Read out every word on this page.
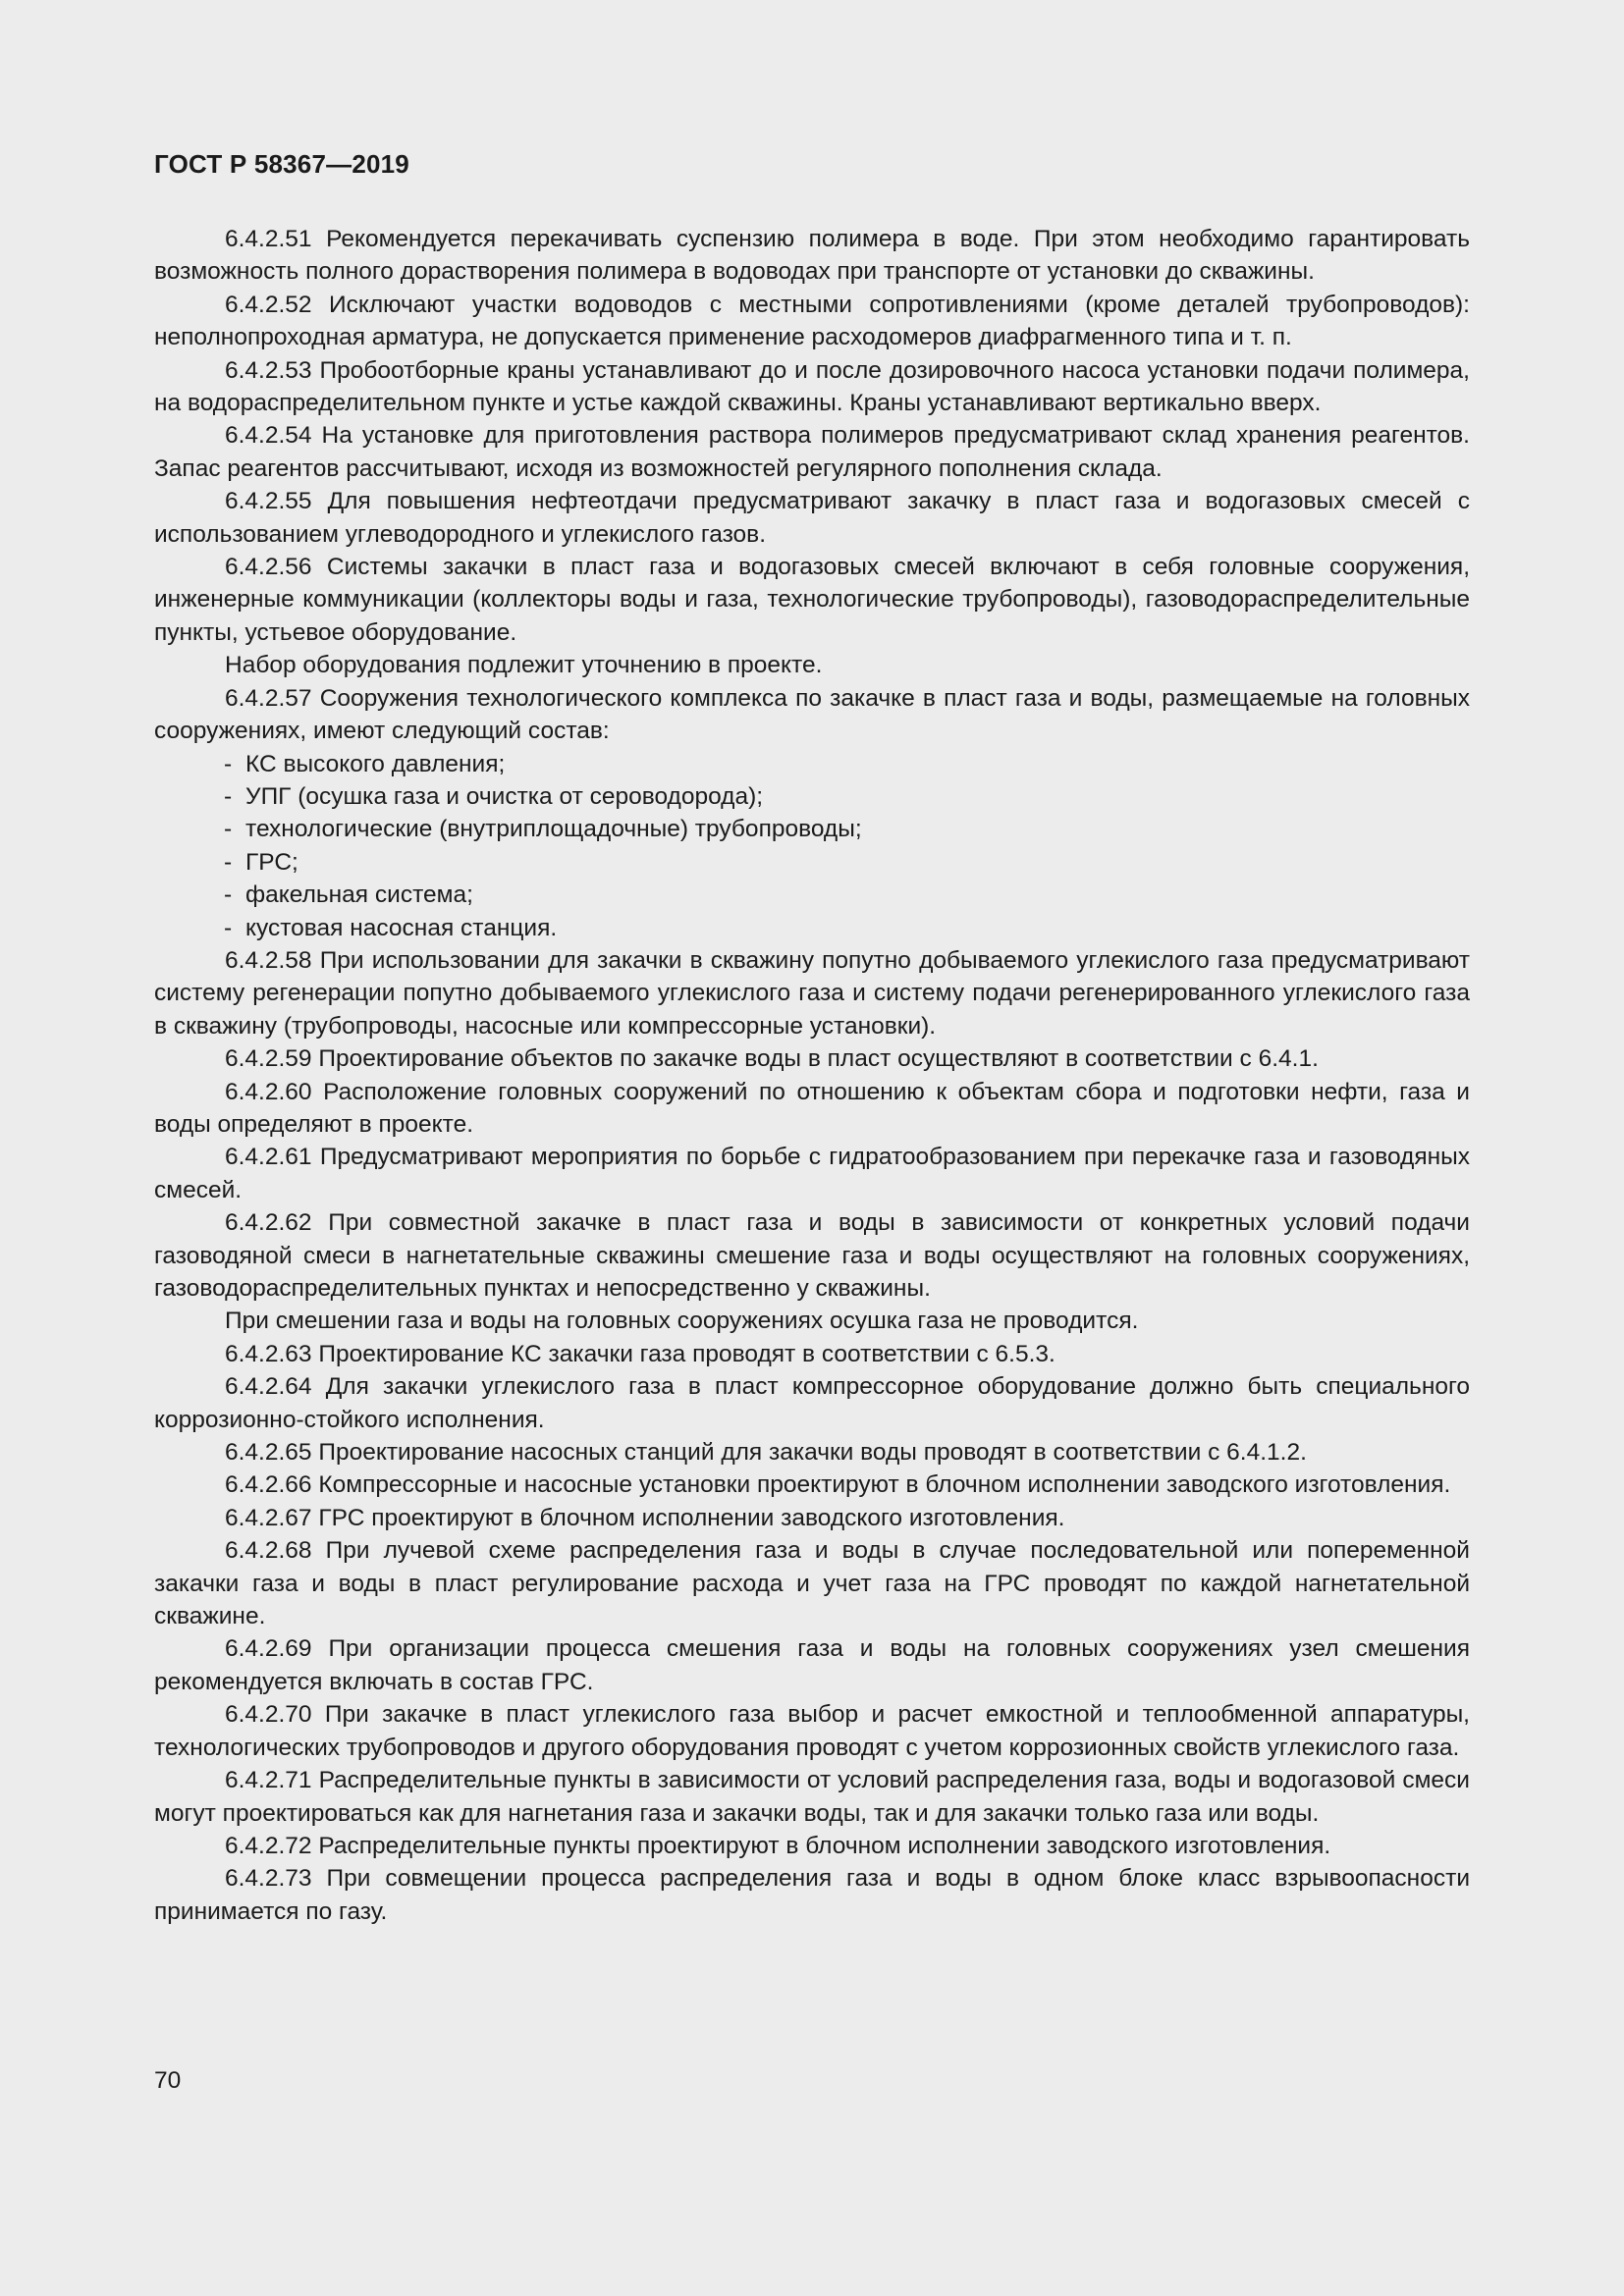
ГОСТ Р 58367—2019

6.4.2.51 Рекомендуется перекачивать суспензию полимера в воде. При этом необходимо гарантировать возможность полного дорастворения полимера в водоводах при транспорте от установки до скважины.

6.4.2.52 Исключают участки водоводов с местными сопротивлениями (кроме деталей трубопроводов): неполнопроходная арматура, не допускается применение расходомеров диафрагменного типа и т. п.

6.4.2.53 Пробоотборные краны устанавливают до и после дозировочного насоса установки подачи полимера, на водораспределительном пункте и устье каждой скважины. Краны устанавливают вертикально вверх.

6.4.2.54 На установке для приготовления раствора полимеров предусматривают склад хранения реагентов. Запас реагентов рассчитывают, исходя из возможностей регулярного пополнения склада.

6.4.2.55 Для повышения нефтеотдачи предусматривают закачку в пласт газа и водогазовых смесей с использованием углеводородного и углекислого газов.

6.4.2.56 Системы закачки в пласт газа и водогазовых смесей включают в себя головные сооружения, инженерные коммуникации (коллекторы воды и газа, технологические трубопроводы), газоводораспределительные пункты, устьевое оборудование.

Набор оборудования подлежит уточнению в проекте.

6.4.2.57 Сооружения технологического комплекса по закачке в пласт газа и воды, размещаемые на головных сооружениях, имеют следующий состав:

- КС высокого давления;
- УПГ (осушка газа и очистка от сероводорода);
- технологические (внутриплощадочные) трубопроводы;
- ГРС;
- факельная система;
- кустовая насосная станция.

6.4.2.58 При использовании для закачки в скважину попутно добываемого углекислого газа предусматривают систему регенерации попутно добываемого углекислого газа и систему подачи регенерированного углекислого газа в скважину (трубопроводы, насосные или компрессорные установки).

6.4.2.59 Проектирование объектов по закачке воды в пласт осуществляют в соответствии с 6.4.1.

6.4.2.60 Расположение головных сооружений по отношению к объектам сбора и подготовки нефти, газа и воды определяют в проекте.

6.4.2.61 Предусматривают мероприятия по борьбе с гидратообразованием при перекачке газа и газоводяных смесей.

6.4.2.62 При совместной закачке в пласт газа и воды в зависимости от конкретных условий подачи газоводяной смеси в нагнетательные скважины смешение газа и воды осуществляют на головных сооружениях, газоводораспределительных пунктах и непосредственно у скважины.

При смешении газа и воды на головных сооружениях осушка газа не проводится.

6.4.2.63 Проектирование КС закачки газа проводят в соответствии с 6.5.3.

6.4.2.64 Для закачки углекислого газа в пласт компрессорное оборудование должно быть специального коррозионно-стойкого исполнения.

6.4.2.65 Проектирование насосных станций для закачки воды проводят в соответствии с 6.4.1.2.

6.4.2.66 Компрессорные и насосные установки проектируют в блочном исполнении заводского изготовления.

6.4.2.67 ГРС проектируют в блочном исполнении заводского изготовления.

6.4.2.68 При лучевой схеме распределения газа и воды в случае последовательной или попеременной закачки газа и воды в пласт регулирование расхода и учет газа на ГРС проводят по каждой нагнетательной скважине.

6.4.2.69 При организации процесса смешения газа и воды на головных сооружениях узел смешения рекомендуется включать в состав ГРС.

6.4.2.70 При закачке в пласт углекислого газа выбор и расчет емкостной и теплообменной аппаратуры, технологических трубопроводов и другого оборудования проводят с учетом коррозионных свойств углекислого газа.

6.4.2.71 Распределительные пункты в зависимости от условий распределения газа, воды и водогазовой смеси могут проектироваться как для нагнетания газа и закачки воды, так и для закачки только газа или воды.

6.4.2.72 Распределительные пункты проектируют в блочном исполнении заводского изготовления.

6.4.2.73 При совмещении процесса распределения газа и воды в одном блоке класс взрывоопасности принимается по газу.

70
